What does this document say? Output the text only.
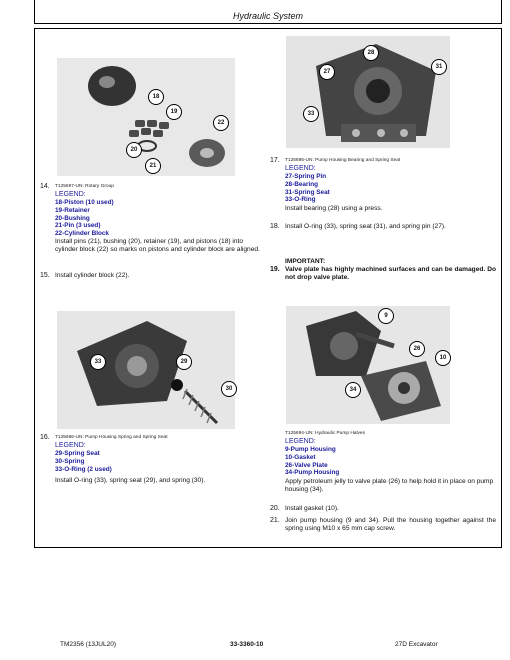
Hydraulic System
18
19
20
21
22
14. T125697-UN: Rotary Group
LEGEND:
18-Piston (10 used)
19-Retainer
20-Bushing
21-Pin (3 used)
22-Cylinder Block
Install pins (21), bushing (20), retainer (19), and pistons (18) into cylinder block (22) so marks on pistons and cylinder block are aligned.
15. Install cylinder block (22).
33	29
30
16. T125696-UN: Pump Housing Spring and Spring Seat
LEGEND:
29-Spring Seat
30-Spring
33-O-Ring (2 used)
Install O-ring (33), spring seat (29), and spring (30).
28
27
31
33
17. T125695-UN: Pump Housing Bearing and Spring Seat
LEGEND:
27-Spring Pin
28-Bearing
31-Spring Seat
33-O-Ring
Install bearing (28) using a press.
18. Install O-ring (33), spring seat (31), and spring pin (27).
IMPORTANT:
19. Valve plate has highly machined surfaces and can be damaged. Do not drop valve plate.
9
26
10
34
T125694-UN: Hydraulic Pump Halves
LEGEND:
9-Pump Housing
10-Gasket
26-Valve Plate
34-Pump Housing
Apply petroleum jelly to valve plate (26) to help hold it in place on pump housing (34).
20. Install gasket (10).
21. Join pump housing (9 and 34). Pull the housing together against the spring using M10 x 65 mm cap screw.
TM2356 (13JUL20)	33-3360-10	27D Excavator
